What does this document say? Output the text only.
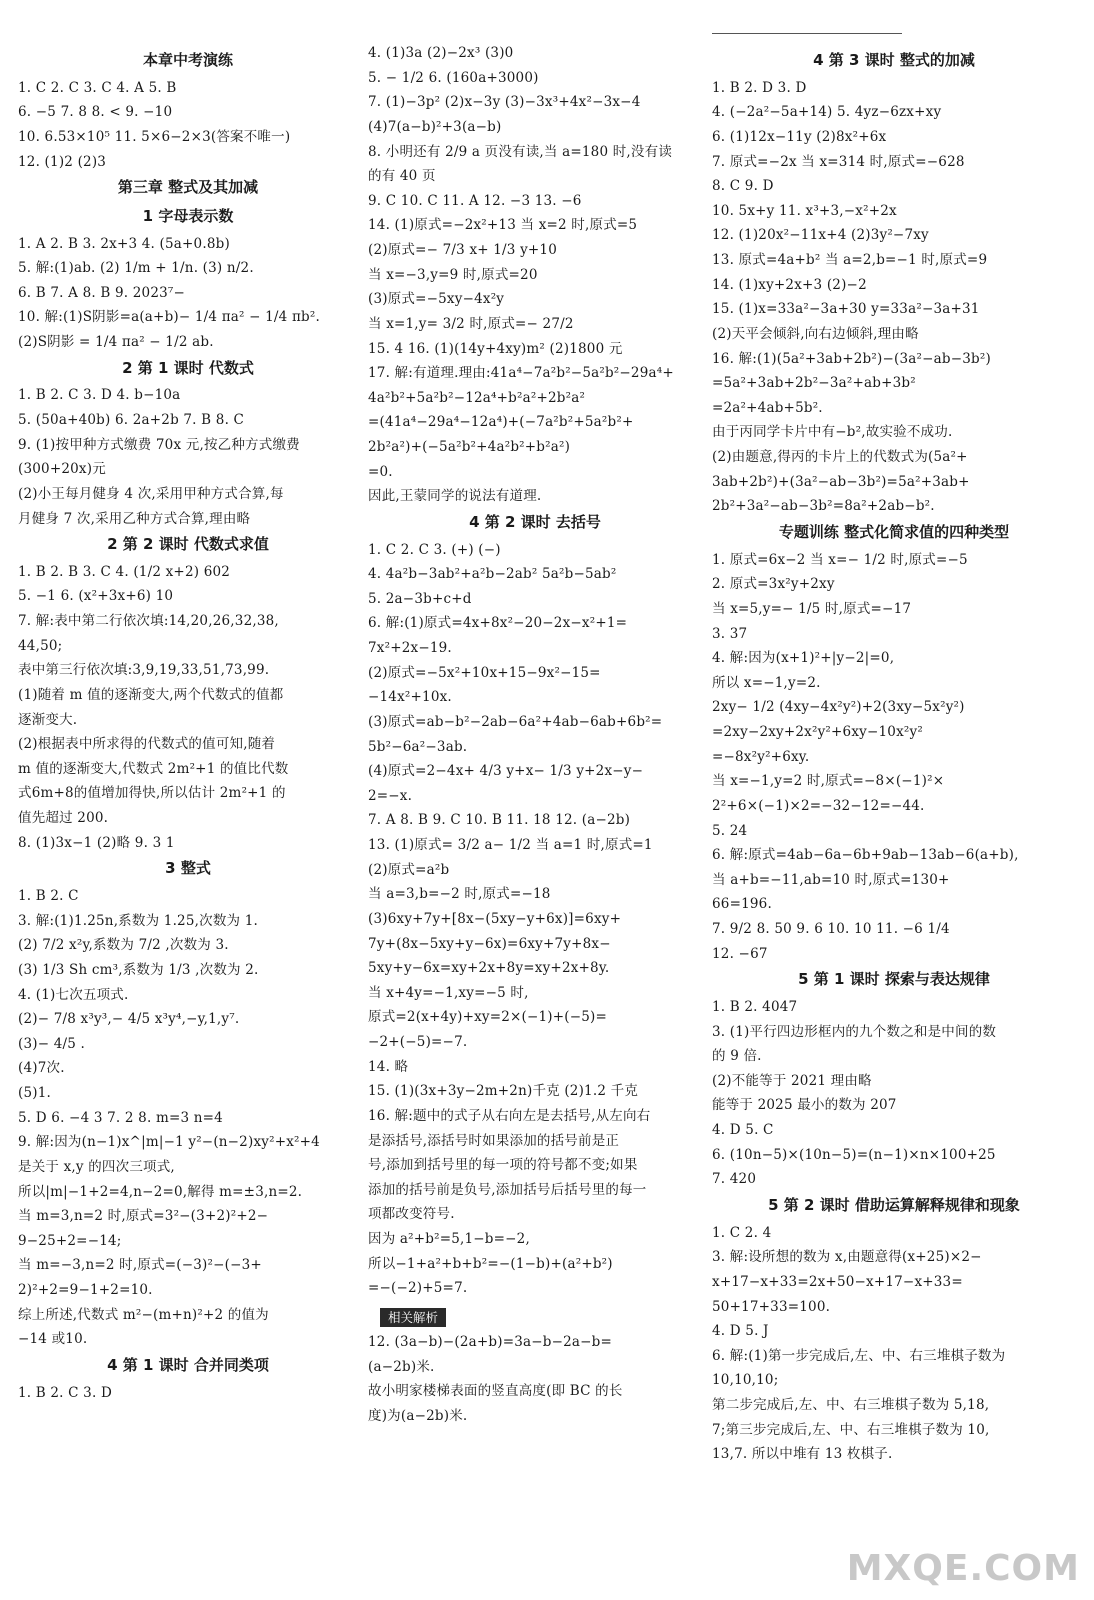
本章中考演练
1. C 2. C 3. C 4. A 5. B
6. −5 7. 8 8. < 9. −10
10. 6.53×10⁵ 11. 5×6−2×3(答案不唯一)
12. (1)2 (2)3
第三章 整式及其加减
1 字母表示数
1. A 2. B 3. 2x+3 4. (5a+0.8b)
5. 解:(1)ab. (2) 1/m + 1/n. (3) n/2.
6. B 7. A 8. B 9. 2023⁷−
10. 解:(1)S阴影=a(a+b)− 1/4 πa² − 1/4 πb².
(2)S阴影 = 1/4 πa² − 1/2 ab.
2 第 1 课时 代数式
1. B 2. C 3. D 4. b−10a
5. (50a+40b) 6. 2a+2b 7. B 8. C
9. (1)按甲种方式缴费 70x 元,按乙种方式缴费
(300+20x)元
(2)小王每月健身 4 次,采用甲种方式合算,每
月健身 7 次,采用乙种方式合算,理由略
2 第 2 课时 代数式求值
1. B 2. B 3. C 4. (1/2 x+2) 602
5. −1 6. (x²+3x+6) 10
7. 解:表中第二行依次填:14,20,26,32,38,
44,50;
表中第三行依次填:3,9,19,33,51,73,99.
(1)随着 m 值的逐渐变大,两个代数式的值都
逐渐变大.
(2)根据表中所求得的代数式的值可知,随着
m 值的逐渐变大,代数式 2m²+1 的值比代数
式6m+8的值增加得快,所以估计 2m²+1 的
值先超过 200.
8. (1)3x−1 (2)略 9. 3 1
3 整式
1. B 2. C
3. 解:(1)1.25n,系数为 1.25,次数为 1.
(2) 7/2 x²y,系数为 7/2 ,次数为 3.
(3) 1/3 Sh cm³,系数为 1/3 ,次数为 2.
4. (1)七次五项式.
(2)− 7/8 x³y³,− 4/5 x³y⁴,−y,1,y⁷.
(3)− 4/5 .
(4)7次.
(5)1.
5. D 6. −4 3 7. 2 8. m=3 n=4
9. 解:因为(n−1)x^|m|−1 y²−(n−2)xy²+x²+4
是关于 x,y 的四次三项式,
所以|m|−1+2=4,n−2=0,解得 m=±3,n=2.
当 m=3,n=2 时,原式=3²−(3+2)²+2−
9−25+2=−14;
当 m=−3,n=2 时,原式=(−3)²−(−3+
2)²+2=9−1+2=10.
综上所述,代数式 m²−(m+n)²+2 的值为
−14 或10.
4 第 1 课时 合并同类项
1. B 2. C 3. D
4. (1)3a (2)−2x³ (3)0
5. − 1/2 6. (160a+3000)
7. (1)−3p² (2)x−3y (3)−3x³+4x²−3x−4
(4)7(a−b)²+3(a−b)
8. 小明还有 2/9 a 页没有读,当 a=180 时,没有读
的有 40 页
9. C 10. C 11. A 12. −3 13. −6
14. (1)原式=−2x²+13 当 x=2 时,原式=5
(2)原式=− 7/3 x+ 1/3 y+10
当 x=−3,y=9 时,原式=20
(3)原式=−5xy−4x²y
当 x=1,y= 3/2 时,原式=− 27/2
15. 4 16. (1)(14y+4xy)m² (2)1800 元
17. 解:有道理.理由:41a⁴−7a²b²−5a²b²−29a⁴+
4a²b²+5a²b²−12a⁴+b²a²+2b²a²
=(41a⁴−29a⁴−12a⁴)+(−7a²b²+5a²b²+
2b²a²)+(−5a²b²+4a²b²+b²a²)
=0.
因此,王蒙同学的说法有道理.
4 第 2 课时 去括号
1. C 2. C 3. (+) (−)
4. 4a²b−3ab²+a²b−2ab² 5a²b−5ab²
5. 2a−3b+c+d
6. 解:(1)原式=4x+8x²−20−2x−x²+1=
7x²+2x−19.
(2)原式=−5x²+10x+15−9x²−15=
−14x²+10x.
(3)原式=ab−b²−2ab−6a²+4ab−6ab+6b²=
5b²−6a²−3ab.
(4)原式=2−4x+ 4/3 y+x− 1/3 y+2x−y−
2=−x.
7. A 8. B 9. C 10. B 11. 18 12. (a−2b)
13. (1)原式= 3/2 a− 1/2 当 a=1 时,原式=1
(2)原式=a²b
当 a=3,b=−2 时,原式=−18
(3)6xy+7y+[8x−(5xy−y+6x)]=6xy+
7y+(8x−5xy+y−6x)=6xy+7y+8x−
5xy+y−6x=xy+2x+8y=xy+2x+8y.
当 x+4y=−1,xy=−5 时,
原式=2(x+4y)+xy=2×(−1)+(−5)=
−2+(−5)=−7.
14. 略
15. (1)(3x+3y−2m+2n)千克 (2)1.2 千克
16. 解:题中的式子从右向左是去括号,从左向右
是添括号,添括号时如果添加的括号前是正
号,添加到括号里的每一项的符号都不变;如果
添加的括号前是负号,添加括号后括号里的每一
项都改变符号.
因为 a²+b²=5,1−b=−2,
所以−1+a²+b+b²=−(1−b)+(a²+b²)
=−(−2)+5=7.
相关解析
12. (3a−b)−(2a+b)=3a−b−2a−b=
(a−2b)米.
故小明家楼梯表面的竖直高度(即 BC 的长
度)为(a−2b)米.
4 第 3 课时 整式的加减
1. B 2. D 3. D
4. (−2a²−5a+14) 5. 4yz−6zx+xy
6. (1)12x−11y (2)8x²+6x
7. 原式=−2x 当 x=314 时,原式=−628
8. C 9. D
10. 5x+y 11. x³+3,−x²+2x
12. (1)20x²−11x+4 (2)3y²−7xy
13. 原式=4a+b² 当 a=2,b=−1 时,原式=9
14. (1)xy+2x+3 (2)−2
15. (1)x=33a²−3a+30 y=33a²−3a+31
(2)天平会倾斜,向右边倾斜,理由略
16. 解:(1)(5a²+3ab+2b²)−(3a²−ab−3b²)
=5a²+3ab+2b²−3a²+ab+3b²
=2a²+4ab+5b².
由于丙同学卡片中有−b²,故实验不成功.
(2)由题意,得丙的卡片上的代数式为(5a²+
3ab+2b²)+(3a²−ab−3b²)=5a²+3ab+
2b²+3a²−ab−3b²=8a²+2ab−b².
专题训练 整式化简求值的四种类型
1. 原式=6x−2 当 x=− 1/2 时,原式=−5
2. 原式=3x²y+2xy
当 x=5,y=− 1/5 时,原式=−17
3. 37
4. 解:因为(x+1)²+|y−2|=0,
所以 x=−1,y=2.
2xy− 1/2 (4xy−4x²y²)+2(3xy−5x²y²)
=2xy−2xy+2x²y²+6xy−10x²y²
=−8x²y²+6xy.
当 x=−1,y=2 时,原式=−8×(−1)²×
2²+6×(−1)×2=−32−12=−44.
5. 24
6. 解:原式=4ab−6a−6b+9ab−13ab−6(a+b),
当 a+b=−11,ab=10 时,原式=130+
66=196.
7. 9/2 8. 50 9. 6 10. 10 11. −6 1/4
12. −67
5 第 1 课时 探索与表达规律
1. B 2. 4047
3. (1)平行四边形框内的九个数之和是中间的数
的 9 倍.
(2)不能等于 2021 理由略
能等于 2025 最小的数为 207
4. D 5. C
6. (10n−5)×(10n−5)=(n−1)×n×100+25
7. 420
5 第 2 课时 借助运算解释规律和现象
1. C 2. 4
3. 解:设所想的数为 x,由题意得(x+25)×2−
x+17−x+33=2x+50−x+17−x+33=
50+17+33=100.
4. D 5. J
6. 解:(1)第一步完成后,左、中、右三堆棋子数为
10,10,10;
第二步完成后,左、中、右三堆棋子数为 5,18,
7;第三步完成后,左、中、右三堆棋子数为 10,
13,7. 所以中堆有 13 枚棋子.
MXQE.COM
